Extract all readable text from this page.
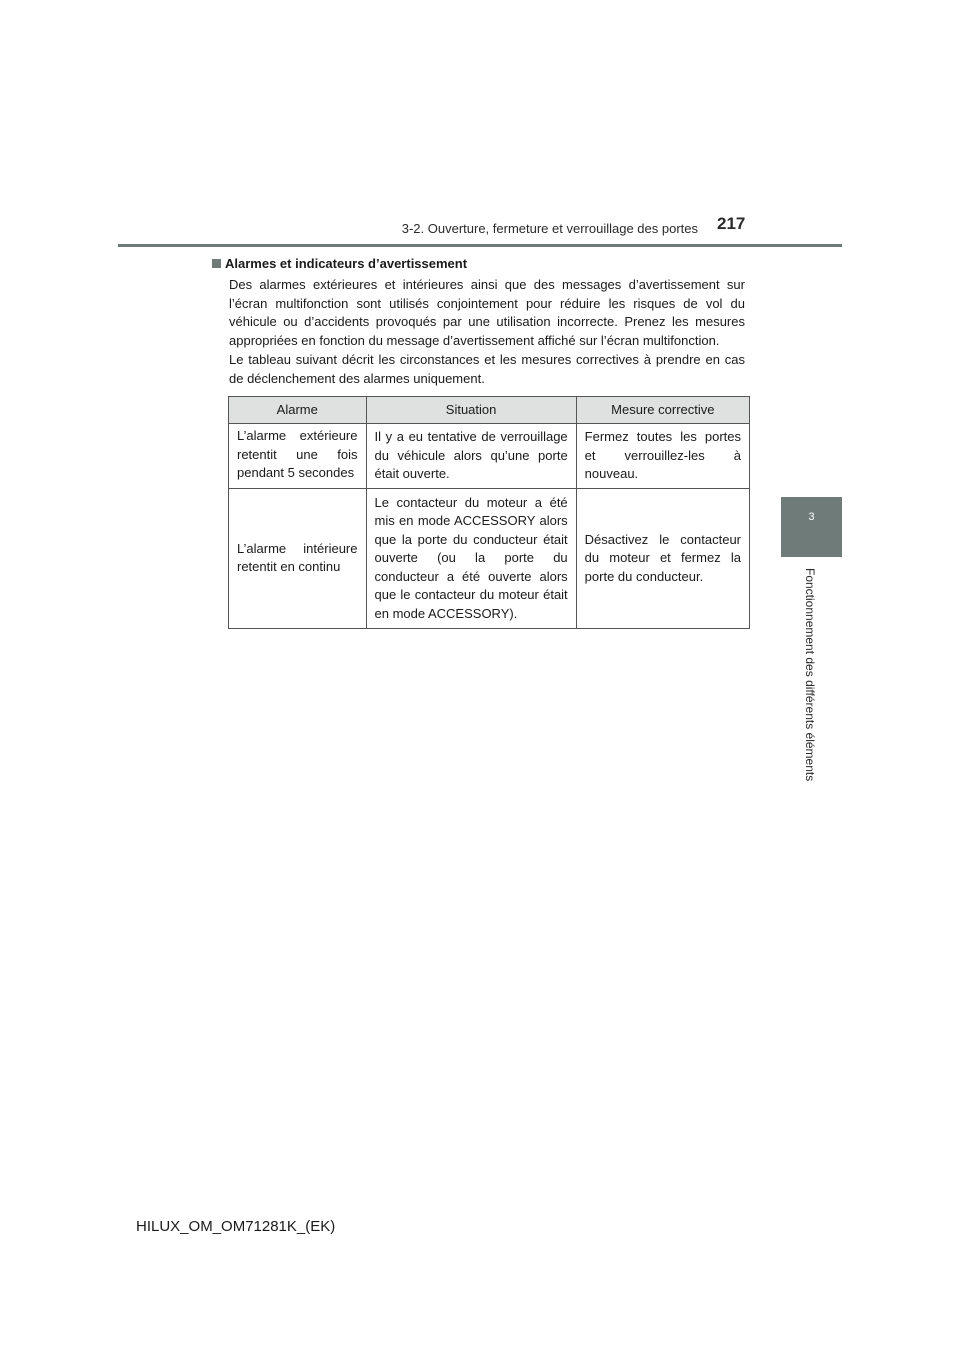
3-2. Ouverture, fermeture et verrouillage des portes 217
3
Fonctionnement des différents éléments
Alarmes et indicateurs d’avertissement

Des alarmes extérieures et intérieures ainsi que des messages d’avertissement sur l’écran multifonction sont utilisés conjointement pour réduire les risques de vol du véhicule ou d’accidents provoqués par une utilisation incorrecte. Prenez les mesures appropriées en fonction du message d’avertissement affiché sur l’écran multifonction.

Le tableau suivant décrit les circonstances et les mesures correctives à prendre en cas de déclenchement des alarmes uniquement.

Alarme	Situation	Mesure corrective
L’alarme extérieure retentit une fois pendant 5 secondes	Il y a eu tentative de verrouillage du véhicule alors qu’une porte était ouverte.	Fermez toutes les portes et verrouillez-les à nouveau.
L’alarme intérieure retentit en continu	Le contacteur du moteur a été mis en mode ACCESSORY alors que la porte du conducteur était ouverte (ou la porte du conducteur a été ouverte alors que le contacteur du moteur était en mode ACCESSORY).	Désactivez le contacteur du moteur et fermez la porte du conducteur.
HILUX_OM_OM71281K_(EK)
